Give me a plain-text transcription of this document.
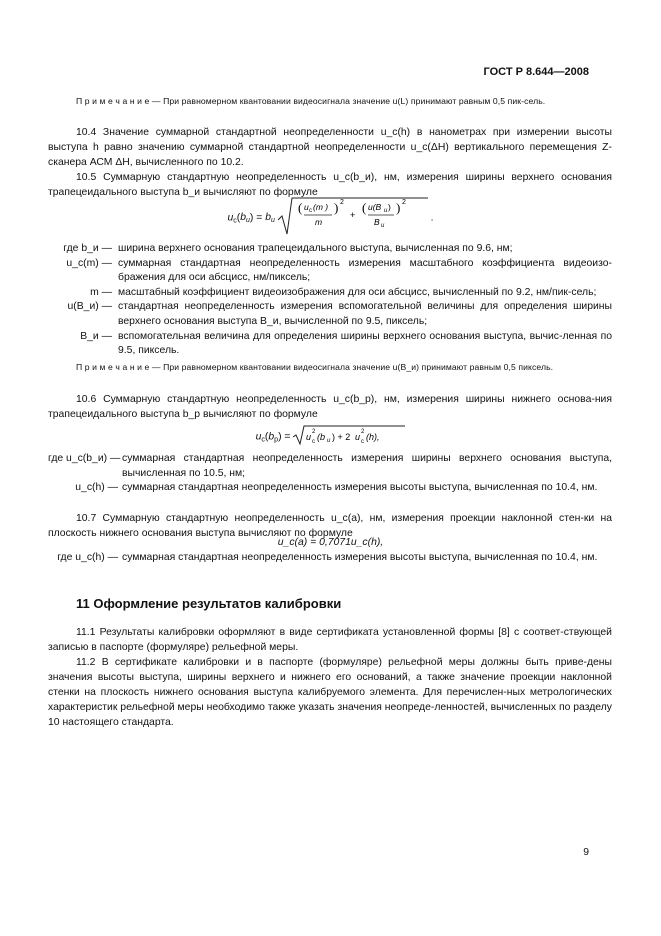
ГОСТ Р 8.644—2008
П р и м е ч а н и е — При равномерном квантовании видеосигнала значение u(L) принимают равным 0,5 пик-сель.
10.4 Значение суммарной стандартной неопределенности u_c(h) в нанометрах при измерении высоты выступа h равно значению суммарной стандартной неопределенности u_c(ΔH) вертикального перемещения Z-сканера АСМ ΔH, вычисленного по 10.2.
10.5 Суммарную стандартную неопределенность u_c(b_и), нм, измерения ширины верхнего основания трапецеидального выступа b_и вычисляют по формуле
$u_c(b_и) = b_и$
( u c (m )
m
) 2
+ ( u(B и )
B и
) 2
.
где b_и — ширина верхнего основания трапецеидального выступа, вычисленная по 9.6, нм;
u_c(m) — суммарная стандартная неопределенность измерения масштабного коэффициента видеоизо-бражения для оси абсцисс, нм/пиксель;
m — масштабный коэффициент видеоизображения для оси абсцисс, вычисленный по 9.2, нм/пик-сель;
u(B_и) — стандартная неопределенность измерения вспомогательной величины для определения ширины верхнего основания выступа B_и, вычисленной по 9.5, пиксель;
B_и — вспомогательная величина для определения ширины верхнего основания выступа, вычис-ленная по 9.5, пиксель.
П р и м е ч а н и е — При равномерном квантовании видеосигнала значение u(B_и) принимают равным 0,5 пиксель.
10.6 Суммарную стандартную неопределенность u_c(b_р), нм, измерения ширины нижнего основа-ния трапецеидального выступа b_р вычисляют по формуле
$u_c(b_р) = u$ 2
c (b и ) + 2 u 2
c (h),
где u_c(b_и) — суммарная стандартная неопределенность измерения ширины верхнего основания выступа, вычисленная по 10.5, нм;
u_c(h) — суммарная стандартная неопределенность измерения высоты выступа, вычисленная по 10.4, нм.
10.7 Суммарную стандартную неопределенность u_c(a), нм, измерения проекции наклонной стен-ки на плоскость нижнего основания выступа вычисляют по формуле
u_c(a) = 0,7071u_c(h),
где u_c(h) — суммарная стандартная неопределенность измерения высоты выступа, вычисленная по 10.4, нм.
11 Оформление результатов калибровки
11.1 Результаты калибровки оформляют в виде сертификата установленной формы [8] с соответ-ствующей записью в паспорте (формуляре) рельефной меры.
11.2 В сертификате калибровки и в паспорте (формуляре) рельефной меры должны быть приве-дены значения высоты выступа, ширины верхнего и нижнего его оснований, а также значение проекции наклонной стенки на плоскость нижнего основания выступа калибруемого элемента. Для перечислен-ных метрологических характеристик рельефной меры необходимо также указать значения неопреде-ленностей, вычисленных по разделу 10 настоящего стандарта.
9
